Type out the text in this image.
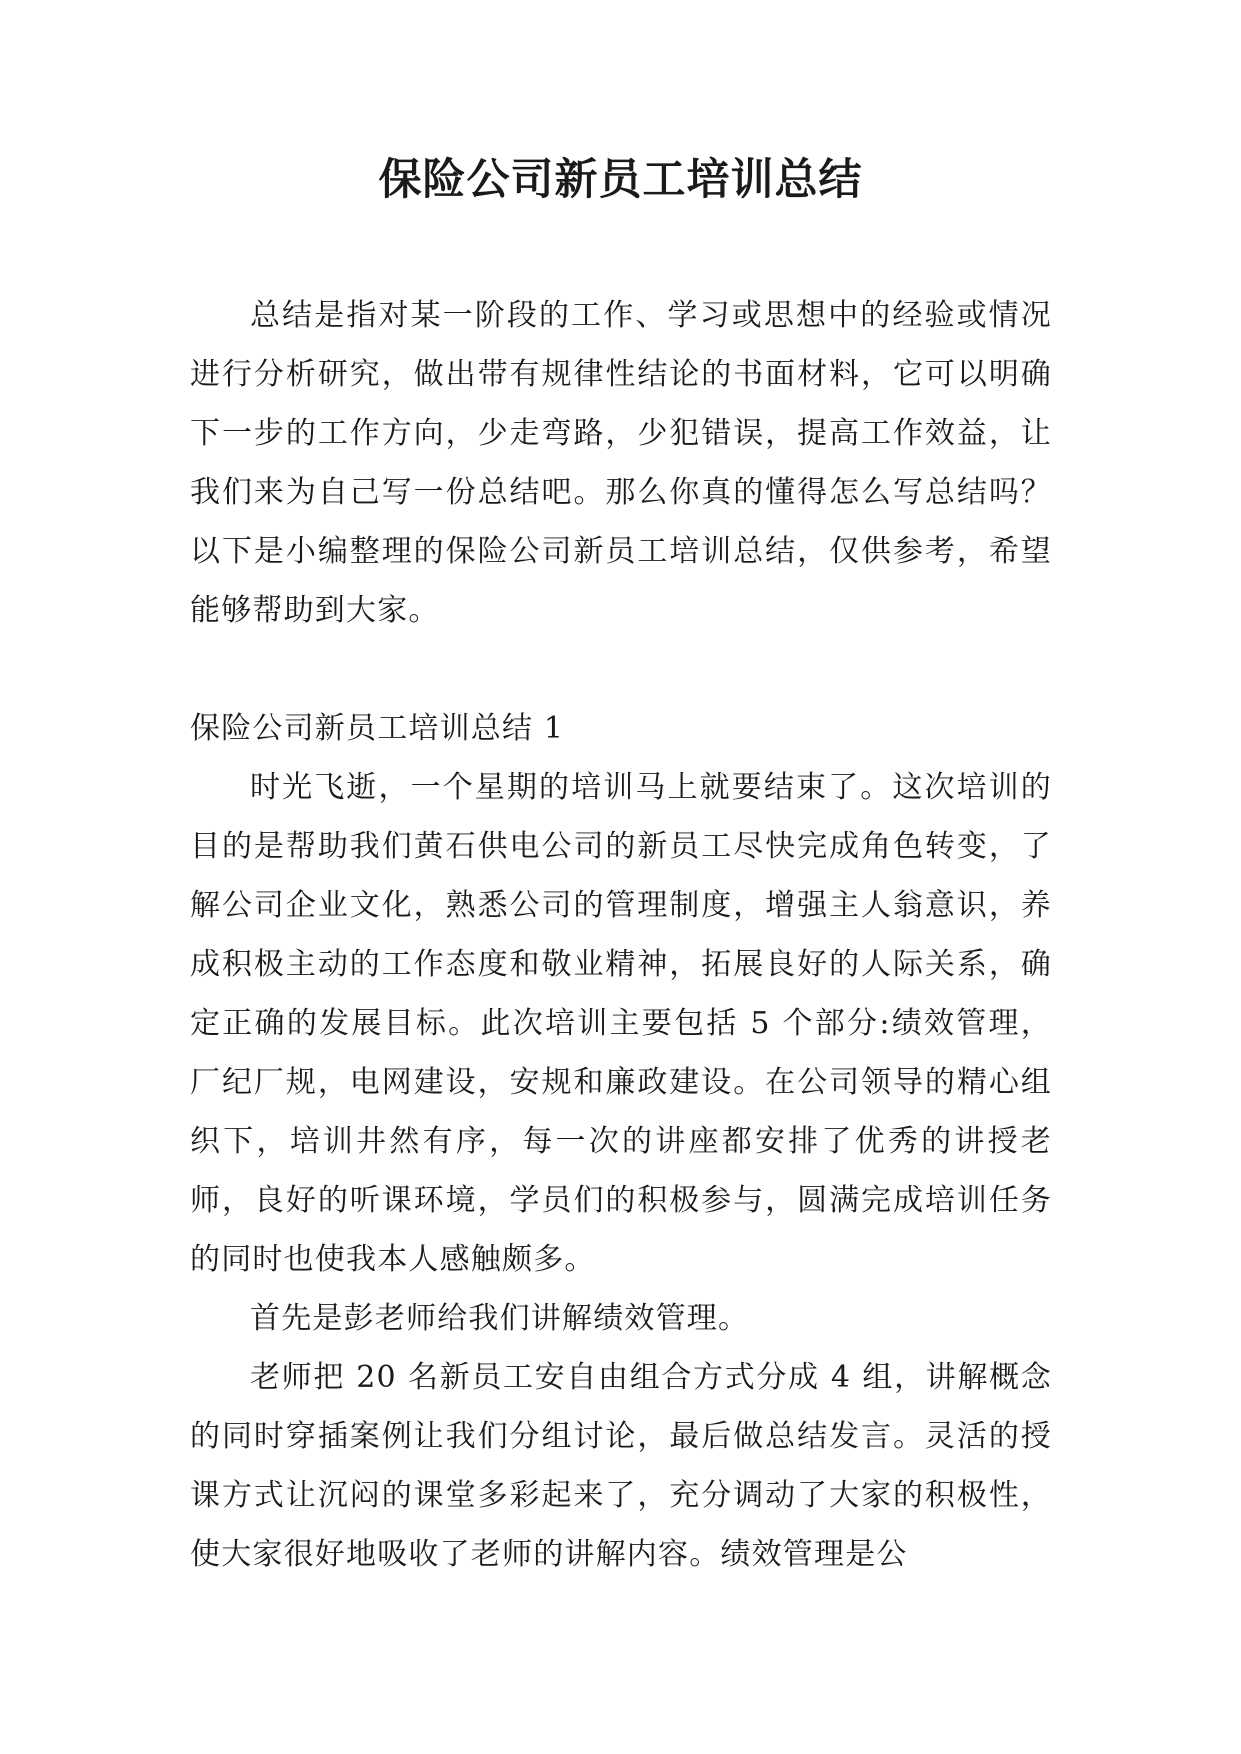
保险公司新员工培训总结

总结是指对某一阶段的工作、学习或思想中的经验或情况进行分析研究，做出带有规律性结论的书面材料，它可以明确下一步的工作方向，少走弯路，少犯错误，提高工作效益，让我们来为自己写一份总结吧。那么你真的懂得怎么写总结吗？以下是小编整理的保险公司新员工培训总结，仅供参考，希望能够帮助到大家。

保险公司新员工培训总结 1

时光飞逝，一个星期的培训马上就要结束了。这次培训的目的是帮助我们黄石供电公司的新员工尽快完成角色转变，了解公司企业文化，熟悉公司的管理制度，增强主人翁意识，养成积极主动的工作态度和敬业精神，拓展良好的人际关系，确定正确的发展目标。此次培训主要包括 5 个部分:绩效管理，厂纪厂规，电网建设，安规和廉政建设。在公司领导的精心组织下，培训井然有序，每一次的讲座都安排了优秀的讲授老师，良好的听课环境，学员们的积极参与，圆满完成培训任务的同时也使我本人感触颇多。

首先是彭老师给我们讲解绩效管理。

老师把 20 名新员工安自由组合方式分成 4 组，讲解概念的同时穿插案例让我们分组讨论，最后做总结发言。灵活的授课方式让沉闷的课堂多彩起来了，充分调动了大家的积极性，使大家很好地吸收了老师的讲解内容。绩效管理是公
